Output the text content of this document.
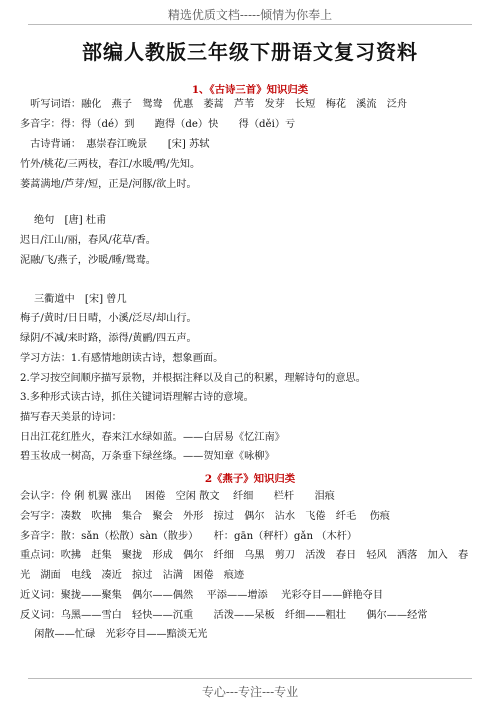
精选优质文档-----倾情为你奉上
部编人教版三年级下册语文复习资料
1、《古诗三首》知识归类
　听写词语：融化　燕子　鸳鸯　优惠　萎蒿　芦苇　发芽　长短　梅花　溪流　泛舟
多音字：得：得（dé）到　　跑得（de）快　　得（děi）亏
　古诗背诵：　惠崇春江晚景　　[宋] 苏轼
竹外/桃花/三两枝，春江/水暖/鸭/先知。
蒌蒿满地/芦芽/短，正是/河豚/欲上时。
绝句　[唐] 杜甫
迟日/江山/丽，春风/花草/香。
泥融/飞/燕子，沙暖/睡/鸳鸯。
三衢道中　[宋] 曾几
梅子/黄时/日日晴，小溪/泛尽/却山行。
绿阴/不减/来时路，添得/黄鹂/四五声。
学习方法：1.有感情地朗读古诗，想象画面。
2.学习按空间顺序描写景物，并根据注释以及自己的积累，理解诗句的意思。
3.多种形式读古诗，抓住关键词语理解古诗的意境。
描写春天美景的诗词：
日出江花红胜火，春来江水绿如蓝。——白居易《忆江南》
碧玉妆成一树高，万条垂下绿丝绦。——贺知章《咏柳》
2《燕子》知识归类
会认字：伶 俐 机翼 涨出　 困倦　空闲 散文　 纤细　　栏杆　　泪痕
会写字：凑数　吹拂　集合　聚会　外形　掠过　偶尔　沾水　飞倦　纤毛　 伤痕
多音字：散：sǎn（松散）sàn（散步）　　杆：gān（秤杆）gǎn （木杆）
重点词：吹拂　赶集　聚拢　形成　偶尔　纤细　乌黑　剪刀　活泼　春日　轻风　洒落　加入　春
光　湖面　电线　凑近　掠过　沾满　困倦　痕迹
近义词：聚拢——聚集　偶尔——偶然　 平添——增添　 光彩夺目——鲜艳夺目
反义词：乌黑——雪白　轻快——沉重　　活泼——呆板　纤细——粗壮　　偶尔——经常
　闲散——忙碌　光彩夺目——黯淡无光
专心---专注---专业
